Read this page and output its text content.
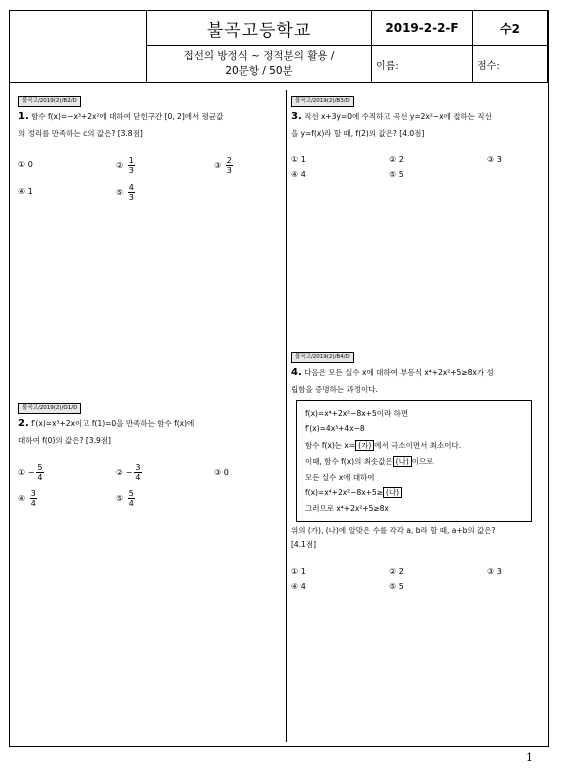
	불곡고등학교	2019-2-2-F	수2

	접선의 방정식 ~ 정적분의 활용 /
20문항 / 50분	이름:	점수:
불곡고/2019(2)/B2/D
1. 함수 f(x)=−x³+2x²에 대하여 닫힌구간 [0, 2]에서 평균값
의 정리를 만족하는 c의 값은? [3.8점]
① 0	② $\frac{1}{3}$	③ $\frac{2}{3}$
④ 1	⑤ $\frac{4}{3}$
불곡고/2019(2)/O1/D
2. f′(x)=x³+2x이고 f(1)=0을 만족하는 함수 f(x)에
대하여 f(0)의 값은? [3.9점]
① − $\frac{5}{4}$	② − $\frac{3}{4}$	③ 0
④ $\frac{3}{4}$	⑤ $\frac{5}{4}$
불곡고/2019(2)/B3/D
3. 직선 x+3y=0에 수직하고 곡선 y=2x²−x에 접하는 직선
을 y=f(x)라 할 때, f(2)의 값은? [4.0점]
① 1	② 2	③ 3
④ 4	⑤ 5
불곡고/2019(2)/B4/D
4. 다음은 모든 실수 x에 대하여 부등식 x⁴+2x²+5≥8x가 성
립함을 증명하는 과정이다.
f(x)=x⁴+2x²−8x+5이라 하면
f′(x)=4x³+4x−8
함수 f(x)는 x= (가) 에서 극소이면서 최소이다.
이때, 함수 f(x)의 최솟값은 (나) 이므로
모든 실수 x에 대하여
f(x)=x⁴+2x²−8x+5≥ (나)
그러므로 x⁴+2x²+5≥8x
위의 (가), (나)에 알맞은 수를 각각 a, b라 할 때, a+b의 값은?
[4.1점]
① 1	② 2	③ 3
④ 4	⑤ 5
1
